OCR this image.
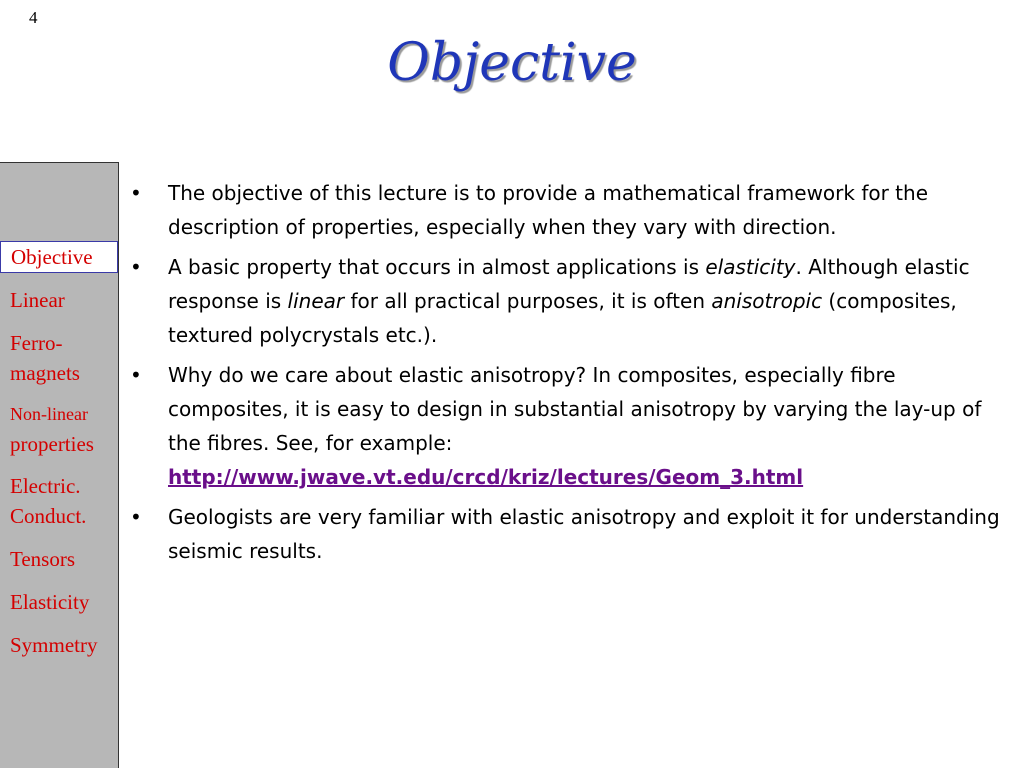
4
Objective
Objective
Linear
Ferro-
magnets
Non-linear
properties
Electric.
Conduct.
Tensors
Elasticity
Symmetry
• The objective of this lecture is to provide a mathematical framework for the description of properties, especially when they vary with direction.
• A basic property that occurs in almost applications is elasticity. Although elastic response is linear for all practical purposes, it is often anisotropic (composites, textured polycrystals etc.).
• Why do we care about elastic anisotropy? In composites, especially fibre composites, it is easy to design in substantial anisotropy by varying the lay-up of the fibres. See, for example:
http://www.jwave.vt.edu/crcd/kriz/lectures/Geom_3.html
• Geologists are very familiar with elastic anisotropy and exploit it for understanding seismic results.
